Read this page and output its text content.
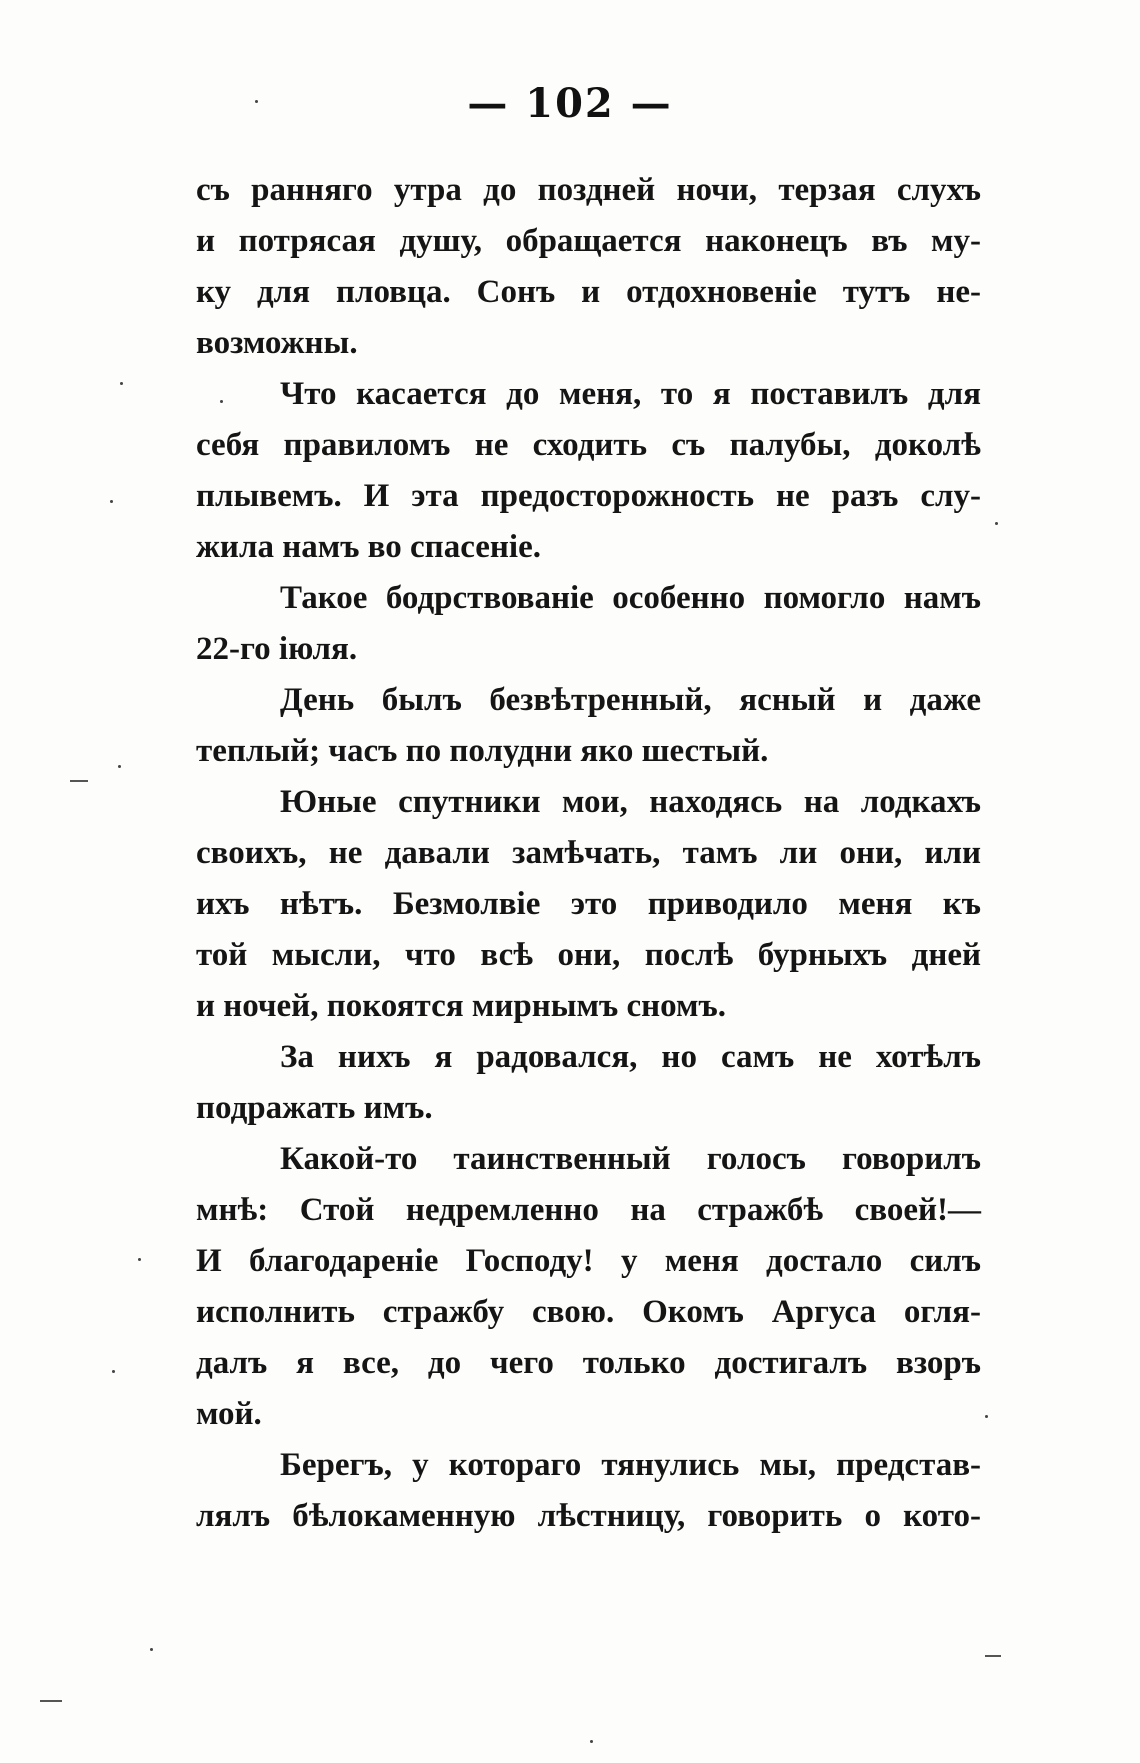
— 102 —
съ ранняго утра до поздней ночи, терзая слухъ
и потрясая душу, обращается наконецъ въ му-
ку для пловца. Сонъ и отдохновеніе тутъ не-
возможны.
Что касается до меня, то я поставилъ для
себя правиломъ не сходить съ палубы, доколѣ
плывемъ. И эта предосторожность не разъ слу-
жила намъ во спасеніе.
Такое бодрствованіе особенно помогло намъ
22-го іюля.
День былъ безвѣтренный, ясный и даже
теплый; часъ по полудни яко шестый.
Юные спутники мои, находясь на лодкахъ
своихъ, не давали замѣчать, тамъ ли они, или
ихъ нѣтъ. Безмолвіе это приводило меня къ
той мысли, что всѣ они, послѣ бурныхъ дней
и ночей, покоятся мирнымъ сномъ.
За нихъ я радовался, но самъ не хотѣлъ
подражать имъ.
Какой-то таинственный голосъ говорилъ
мнѣ: Стой недремленно на стражбѣ своей!—
И благодареніе Господу! у меня достало силъ
исполнить стражбу свою. Окомъ Аргуса огля-
далъ я все, до чего только достигалъ взоръ
мой.
Берегъ, у котораго тянулись мы, представ-
лялъ бѣлокаменную лѣстницу, говорить о кото-
